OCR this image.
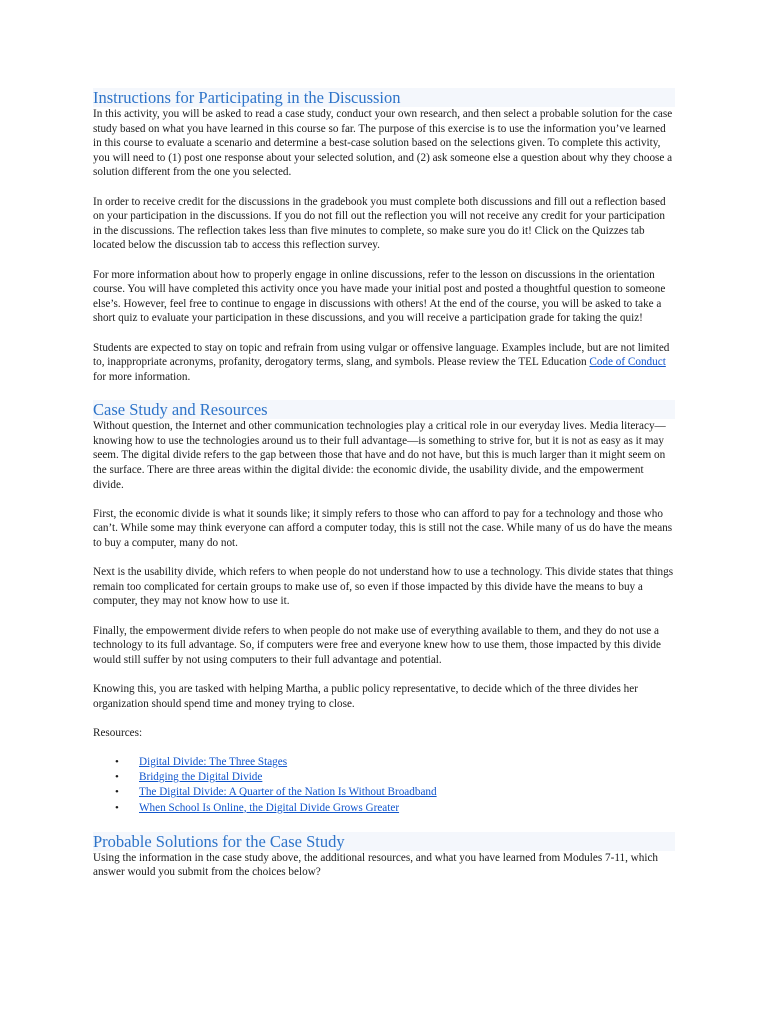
Instructions for Participating in the Discussion

In this activity, you will be asked to read a case study, conduct your own research, and then select a probable solution for the case study based on what you have learned in this course so far. The purpose of this exercise is to use the information you’ve learned in this course to evaluate a scenario and determine a best-case solution based on the selections given. To complete this activity, you will need to (1) post one response about your selected solution, and (2) ask someone else a question about why they choose a solution different from the one you selected.

In order to receive credit for the discussions in the gradebook you must complete both discussions and fill out a reflection based on your participation in the discussions. If you do not fill out the reflection you will not receive any credit for your participation in the discussions. The reflection takes less than five minutes to complete, so make sure you do it! Click on the Quizzes tab located below the discussion tab to access this reflection survey.

For more information about how to properly engage in online discussions, refer to the lesson on discussions in the orientation course. You will have completed this activity once you have made your initial post and posted a thoughtful question to someone else’s. However, feel free to continue to engage in discussions with others! At the end of the course, you will be asked to take a short quiz to evaluate your participation in these discussions, and you will receive a participation grade for taking the quiz!

Students are expected to stay on topic and refrain from using vulgar or offensive language. Examples include, but are not limited to, inappropriate acronyms, profanity, derogatory terms, slang, and symbols. Please review the TEL Education Code of Conduct for more information.

Case Study and Resources

Without question, the Internet and other communication technologies play a critical role in our everyday lives. Media literacy—knowing how to use the technologies around us to their full advantage—is something to strive for, but it is not as easy as it may seem. The digital divide refers to the gap between those that have and do not have, but this is much larger than it might seem on the surface. There are three areas within the digital divide: the economic divide, the usability divide, and the empowerment divide.

First, the economic divide is what it sounds like; it simply refers to those who can afford to pay for a technology and those who can’t. While some may think everyone can afford a computer today, this is still not the case. While many of us do have the means to buy a computer, many do not.

Next is the usability divide, which refers to when people do not understand how to use a technology. This divide states that things remain too complicated for certain groups to make use of, so even if those impacted by this divide have the means to buy a computer, they may not know how to use it.

Finally, the empowerment divide refers to when people do not make use of everything available to them, and they do not use a technology to its full advantage. So, if computers were free and everyone knew how to use them, those impacted by this divide would still suffer by not using computers to their full advantage and potential.

Knowing this, you are tasked with helping Martha, a public policy representative, to decide which of the three divides her organization should spend time and money trying to close.

Resources:

• Digital Divide: The Three Stages
• Bridging the Digital Divide
• The Digital Divide: A Quarter of the Nation Is Without Broadband
• When School Is Online, the Digital Divide Grows Greater
Probable Solutions for the Case Study

Using the information in the case study above, the additional resources, and what you have learned from Modules 7-11, which answer would you submit from the choices below?
